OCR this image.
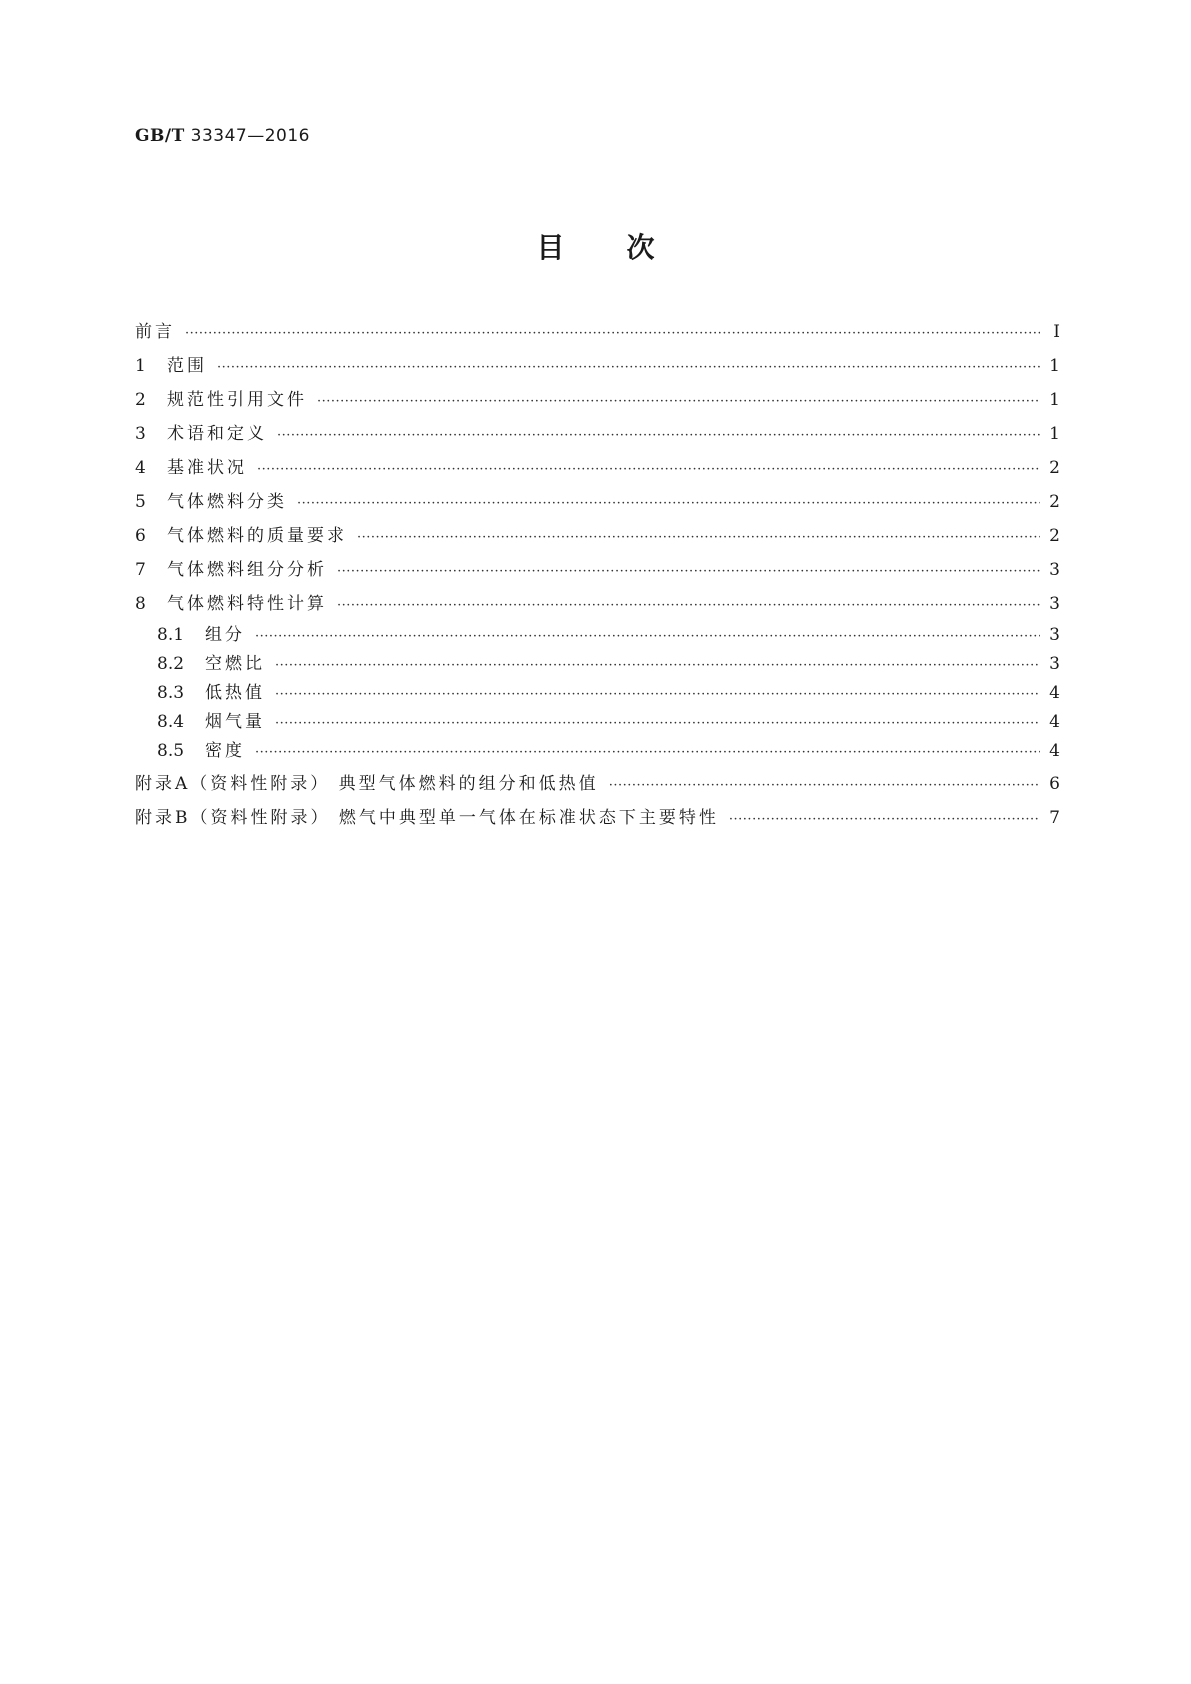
GB/T 33347—2016
目次
前言 ·····	Ⅰ
1	范围 ·····	1
2	规范性引用文件 ·····	1
3	术语和定义 ·····	1
4	基准状况 ·····	2
5	气体燃料分类 ·····	2
6	气体燃料的质量要求 ·····	2
7	气体燃料组分分析 ·····	3
8	气体燃料特性计算 ·····	3
8.1	组分 ·····	3
8.2	空燃比 ·····	3
8.3	低热值 ·····	4
8.4	烟气量 ·····	4
8.5	密度 ·····	4
附录A（资料性附录） 典型气体燃料的组分和低热值 ·····	6
附录B（资料性附录） 燃气中典型单一气体在标准状态下主要特性 ·····	7
